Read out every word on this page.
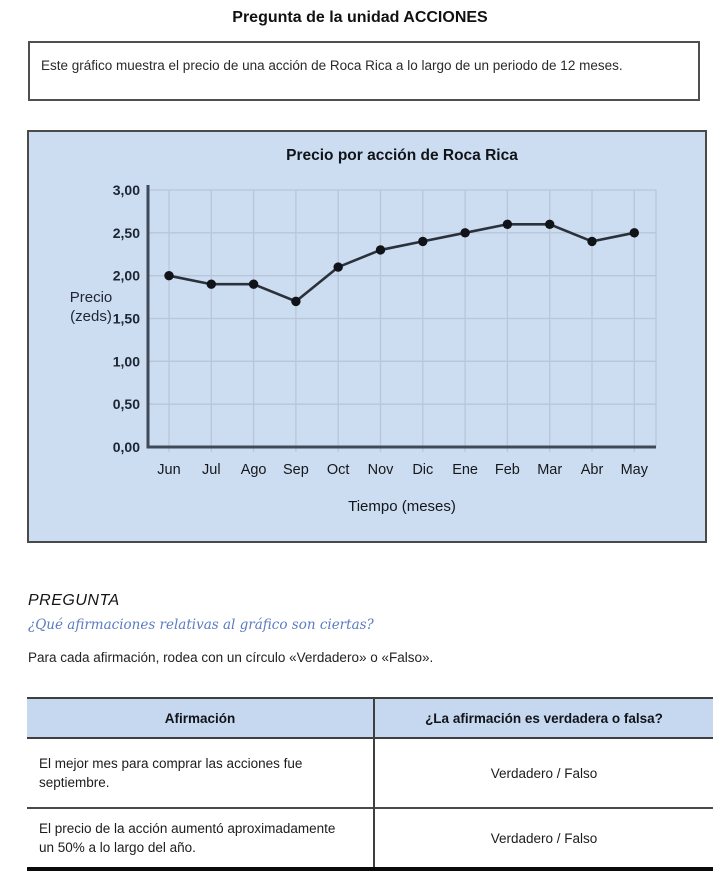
Pregunta de la unidad ACCIONES
Este gráfico muestra el precio de una acción de Roca Rica a lo largo de un periodo de 12 meses.
0,00
0,50
1,00
1,50
2,00
2,50
3,00
Jun Jul Ago Sep Oct Nov Dic Ene Feb Mar Abr May
Precio por acción de Roca Rica
Precio
(zeds)
Tiempo (meses)
PREGUNTA
¿Qué afirmaciones relativas al gráfico son ciertas?
Para cada afirmación, rodea con un círculo «Verdadero» o «Falso».
Afirmación	¿La afirmación es verdadera o falsa?
El mejor mes para comprar las acciones fue septiembre.	Verdadero / Falso
El precio de la acción aumentó aproximadamente un 50% a lo largo del año.	Verdadero / Falso
